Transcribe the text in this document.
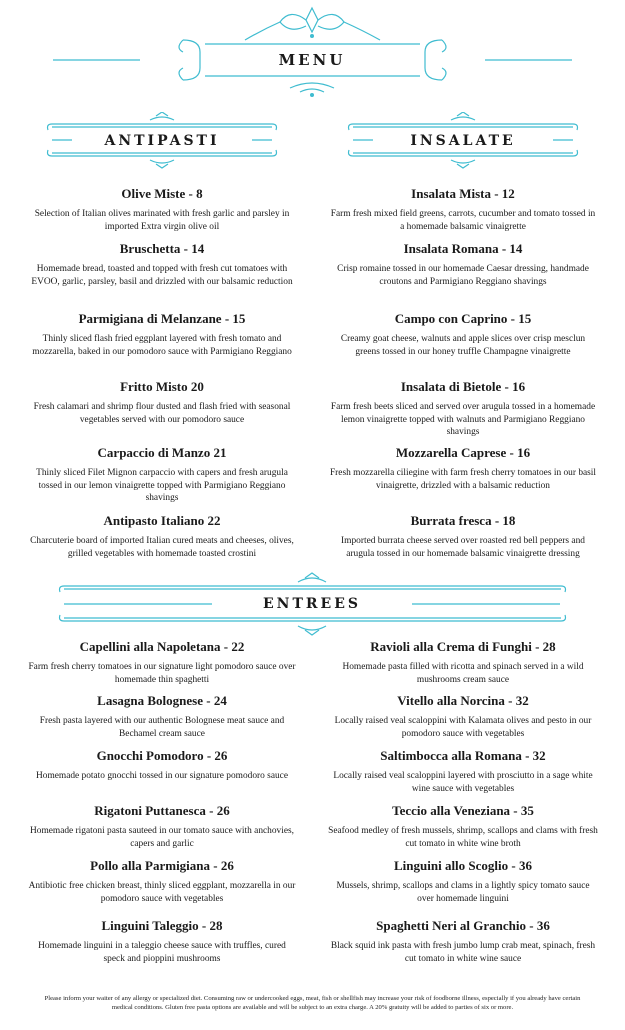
MENU
ANTIPASTI	INSALATE

Olive Miste - 8

Selection of Italian olives marinated with fresh garlic and parsley in imported Extra virgin olive oil

Bruschetta - 14

Homemade bread, toasted and topped with fresh cut tomatoes with EVOO, garlic, parsley, basil and drizzled with our balsamic reduction

Parmigiana di Melanzane - 15

Thinly sliced flash fried eggplant layered with fresh tomato and mozzarella, baked in our pomodoro sauce with Parmigiano Reggiano

Fritto Misto 20

Fresh calamari and shrimp flour dusted and flash fried with seasonal vegetables served with our pomodoro sauce

Carpaccio di Manzo 21

Thinly sliced Filet Mignon carpaccio with capers and fresh arugula tossed in our lemon vinaigrette topped with Parmigiano Reggiano shavings

Antipasto Italiano 22

Charcuterie board of imported Italian cured meats and cheeses, olives, grilled vegetables with homemade toasted crostini

Insalata Mista - 12

Farm fresh mixed field greens, carrots, cucumber and tomato tossed in a homemade balsamic vinaigrette

Insalata Romana - 14

Crisp romaine tossed in our homemade Caesar dressing, handmade croutons and Parmigiano Reggiano shavings

Campo con Caprino - 15

Creamy goat cheese, walnuts and apple slices over crisp mesclun greens tossed in our honey truffle Champagne vinaigrette

Insalata di Bietole - 16

Farm fresh beets sliced and served over arugula tossed in a homemade lemon vinaigrette topped with walnuts and Parmigiano Reggiano shavings

Mozzarella Caprese - 16

Fresh mozzarella ciliegine with farm fresh cherry tomatoes in our basil vinaigrette, drizzled with a balsamic reduction

Burrata fresca - 18

Imported burrata cheese served over roasted red bell peppers and arugula tossed in our homemade balsamic vinaigrette dressing

ENTREES

Capellini alla Napoletana - 22

Farm fresh cherry tomatoes in our signature light pomodoro sauce over homemade thin spaghetti

Lasagna Bolognese - 24

Fresh pasta layered with our authentic Bolognese meat sauce and Bechamel cream sauce

Gnocchi Pomodoro - 26

Homemade potato gnocchi tossed in our signature pomodoro sauce

Rigatoni Puttanesca - 26

Homemade rigatoni pasta sauteed in our tomato sauce with anchovies, capers and garlic

Pollo alla Parmigiana - 26

Antibiotic free chicken breast, thinly sliced eggplant, mozzarella in our pomodoro sauce with vegetables

Linguini Taleggio - 28

Homemade linguini in a taleggio cheese sauce with truffles, cured speck and pioppini mushrooms

Ravioli alla Crema di Funghi - 28

Homemade pasta filled with ricotta and spinach served in a wild mushrooms cream sauce

Vitello alla Norcina - 32

Locally raised veal scaloppini with Kalamata olives and pesto in our pomodoro sauce with vegetables

Saltimbocca alla Romana - 32

Locally raised veal scaloppini layered with prosciutto in a sage white wine sauce with vegetables

Teccio alla Veneziana - 35

Seafood medley of fresh mussels, shrimp, scallops and clams with fresh cut tomato in white wine broth

Linguini allo Scoglio - 36

Mussels, shrimp, scallops and clams in a lightly spicy tomato sauce over homemade linguini

Spaghetti Neri al Granchio - 36

Black squid ink pasta with fresh jumbo lump crab meat, spinach, fresh cut tomato in white wine sauce

Please inform your waiter of any allergy or specialized diet. Consuming raw or undercooked eggs, meat, fish or shellfish may increase your risk of foodborne illness, especially if you already have certain medical conditions. Gluten free pasta options are available and will be subject to an extra charge. A 20% gratuity will be added to parties of six or more.
